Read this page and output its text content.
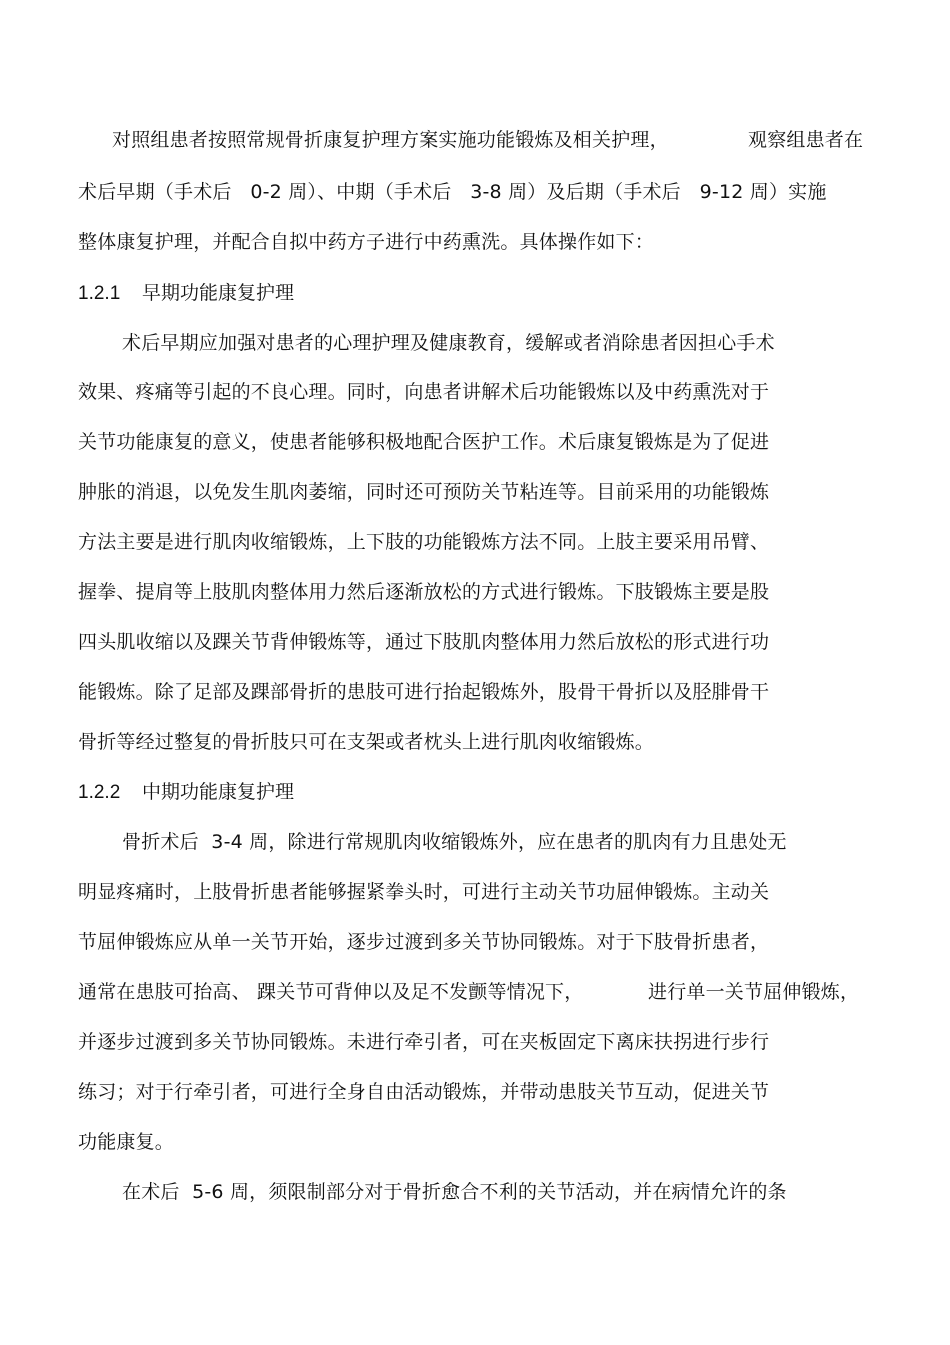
对照组患者按照常规骨折康复护理方案实施功能锻炼及相关护理，	观察组患者在
术后早期（手术后   0-2 周）、中期（手术后   3-8 周）及后期（手术后   9-12 周）实施
整体康复护理，并配合自拟中药方子进行中药熏洗。具体操作如下：
1.2.1 早期功能康复护理
术后早期应加强对患者的心理护理及健康教育，缓解或者消除患者因担心手术
效果、疼痛等引起的不良心理。同时，向患者讲解术后功能锻炼以及中药熏洗对于
关节功能康复的意义，使患者能够积极地配合医护工作。术后康复锻炼是为了促进
肿胀的消退，以免发生肌肉萎缩，同时还可预防关节粘连等。目前采用的功能锻炼
方法主要是进行肌肉收缩锻炼，上下肢的功能锻炼方法不同。上肢主要采用吊臂、
握拳、提肩等上肢肌肉整体用力然后逐渐放松的方式进行锻炼。下肢锻炼主要是股
四头肌收缩以及踝关节背伸锻炼等，通过下肢肌肉整体用力然后放松的形式进行功
能锻炼。除了足部及踝部骨折的患肢可进行抬起锻炼外，股骨干骨折以及胫腓骨干
骨折等经过整复的骨折肢只可在支架或者枕头上进行肌肉收缩锻炼。
1.2.2 中期功能康复护理
骨折术后  3-4 周，除进行常规肌肉收缩锻炼外，应在患者的肌肉有力且患处无
明显疼痛时，上肢骨折患者能够握紧拳头时，可进行主动关节功屈伸锻炼。主动关
节屈伸锻炼应从单一关节开始，逐步过渡到多关节协同锻炼。对于下肢骨折患者，
通常在患肢可抬高、 踝关节可背伸以及足不发颤等情况下，	进行单一关节屈伸锻炼，
并逐步过渡到多关节协同锻炼。未进行牵引者，可在夹板固定下离床扶拐进行步行
练习；对于行牵引者，可进行全身自由活动锻炼，并带动患肢关节互动，促进关节
功能康复。
在术后  5-6 周，须限制部分对于骨折愈合不利的关节活动，并在病情允许的条
